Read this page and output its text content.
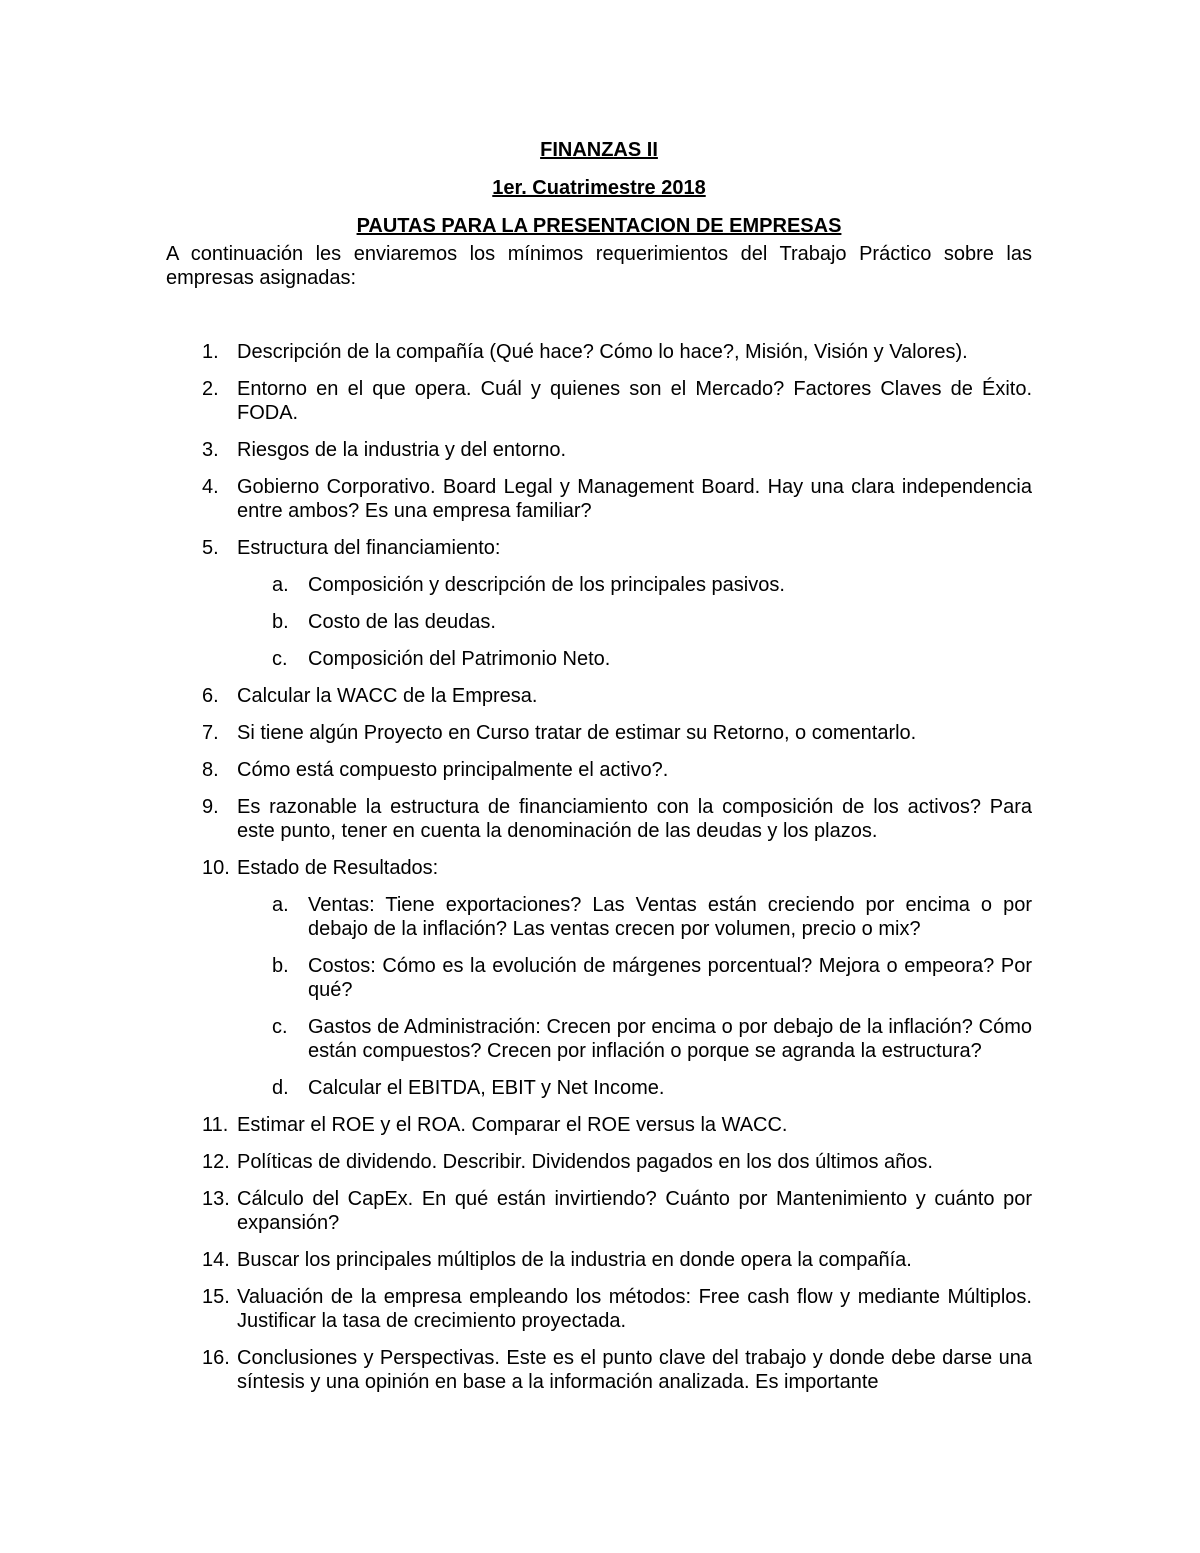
FINANZAS II

1er. Cuatrimestre 2018

PAUTAS PARA LA PRESENTACION DE EMPRESAS

A continuación les enviaremos los mínimos requerimientos del Trabajo Práctico sobre las empresas asignadas:

1. Descripción de la compañía (Qué hace? Cómo lo hace?, Misión, Visión y Valores).
2. Entorno en el que opera. Cuál y quienes son el Mercado? Factores Claves de Éxito. FODA.
3. Riesgos de la industria y del entorno.
4. Gobierno Corporativo. Board Legal y Management Board. Hay una clara independencia entre ambos? Es una empresa familiar?
5. Estructura del financiamiento:
a. Composición y descripción de los principales pasivos.
b. Costo de las deudas.
c. Composición del Patrimonio Neto.
6. Calcular la WACC de la Empresa.
7. Si tiene algún Proyecto en Curso tratar de estimar su Retorno, o comentarlo.
8. Cómo está compuesto principalmente el activo?.
9. Es razonable la estructura de financiamiento con la composición de los activos? Para este punto, tener en cuenta la denominación de las deudas y los plazos.
10. Estado de Resultados:
a. Ventas: Tiene exportaciones? Las Ventas están creciendo por encima o por debajo de la inflación? Las ventas crecen por volumen, precio o mix?
b. Costos: Cómo es la evolución de márgenes porcentual? Mejora o empeora? Por qué?
c. Gastos de Administración: Crecen por encima o por debajo de la inflación? Cómo están compuestos? Crecen por inflación o porque se agranda la estructura?
d. Calcular el EBITDA, EBIT y Net Income.
11. Estimar el ROE y el ROA. Comparar el ROE versus la WACC.
12. Políticas de dividendo. Describir. Dividendos pagados en los dos últimos años.
13. Cálculo del CapEx. En qué están invirtiendo? Cuánto por Mantenimiento y cuánto por expansión?
14. Buscar los principales múltiplos de la industria en donde opera la compañía.
15. Valuación de la empresa empleando los métodos: Free cash flow y mediante Múltiplos. Justificar la tasa de crecimiento proyectada.
16. Conclusiones y Perspectivas. Este es el punto clave del trabajo y donde debe darse una síntesis y una opinión en base a la información analizada. Es importante
